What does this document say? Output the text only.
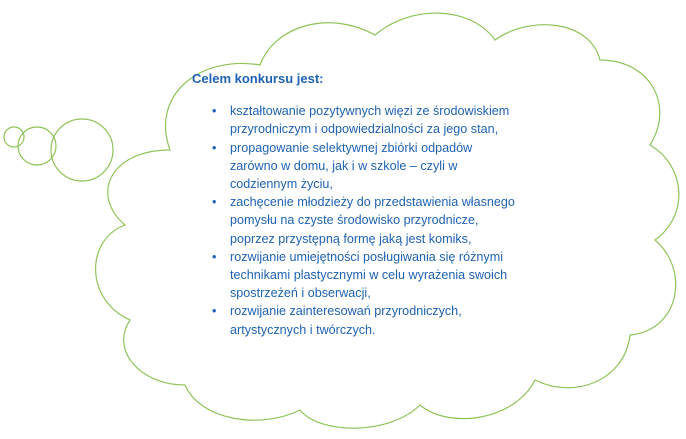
Celem konkursu jest:
• kształtowanie pozytywnych więzi ze środowiskiem
przyrodniczym i odpowiedzialności za jego stan,
• propagowanie selektywnej zbiórki odpadów
zarówno w domu, jak i w szkole – czyli w
codziennym życiu,
• zachęcenie młodzieży do przedstawienia własnego
pomysłu na czyste środowisko przyrodnicze,
poprzez przystępną formę jaką jest komiks,
• rozwijanie umiejętności posługiwania się różnymi
technikami plastycznymi w celu wyrażenia swoich
spostrzeżeń i obserwacji,
• rozwijanie zainteresowań przyrodniczych,
artystycznych i twórczych.
